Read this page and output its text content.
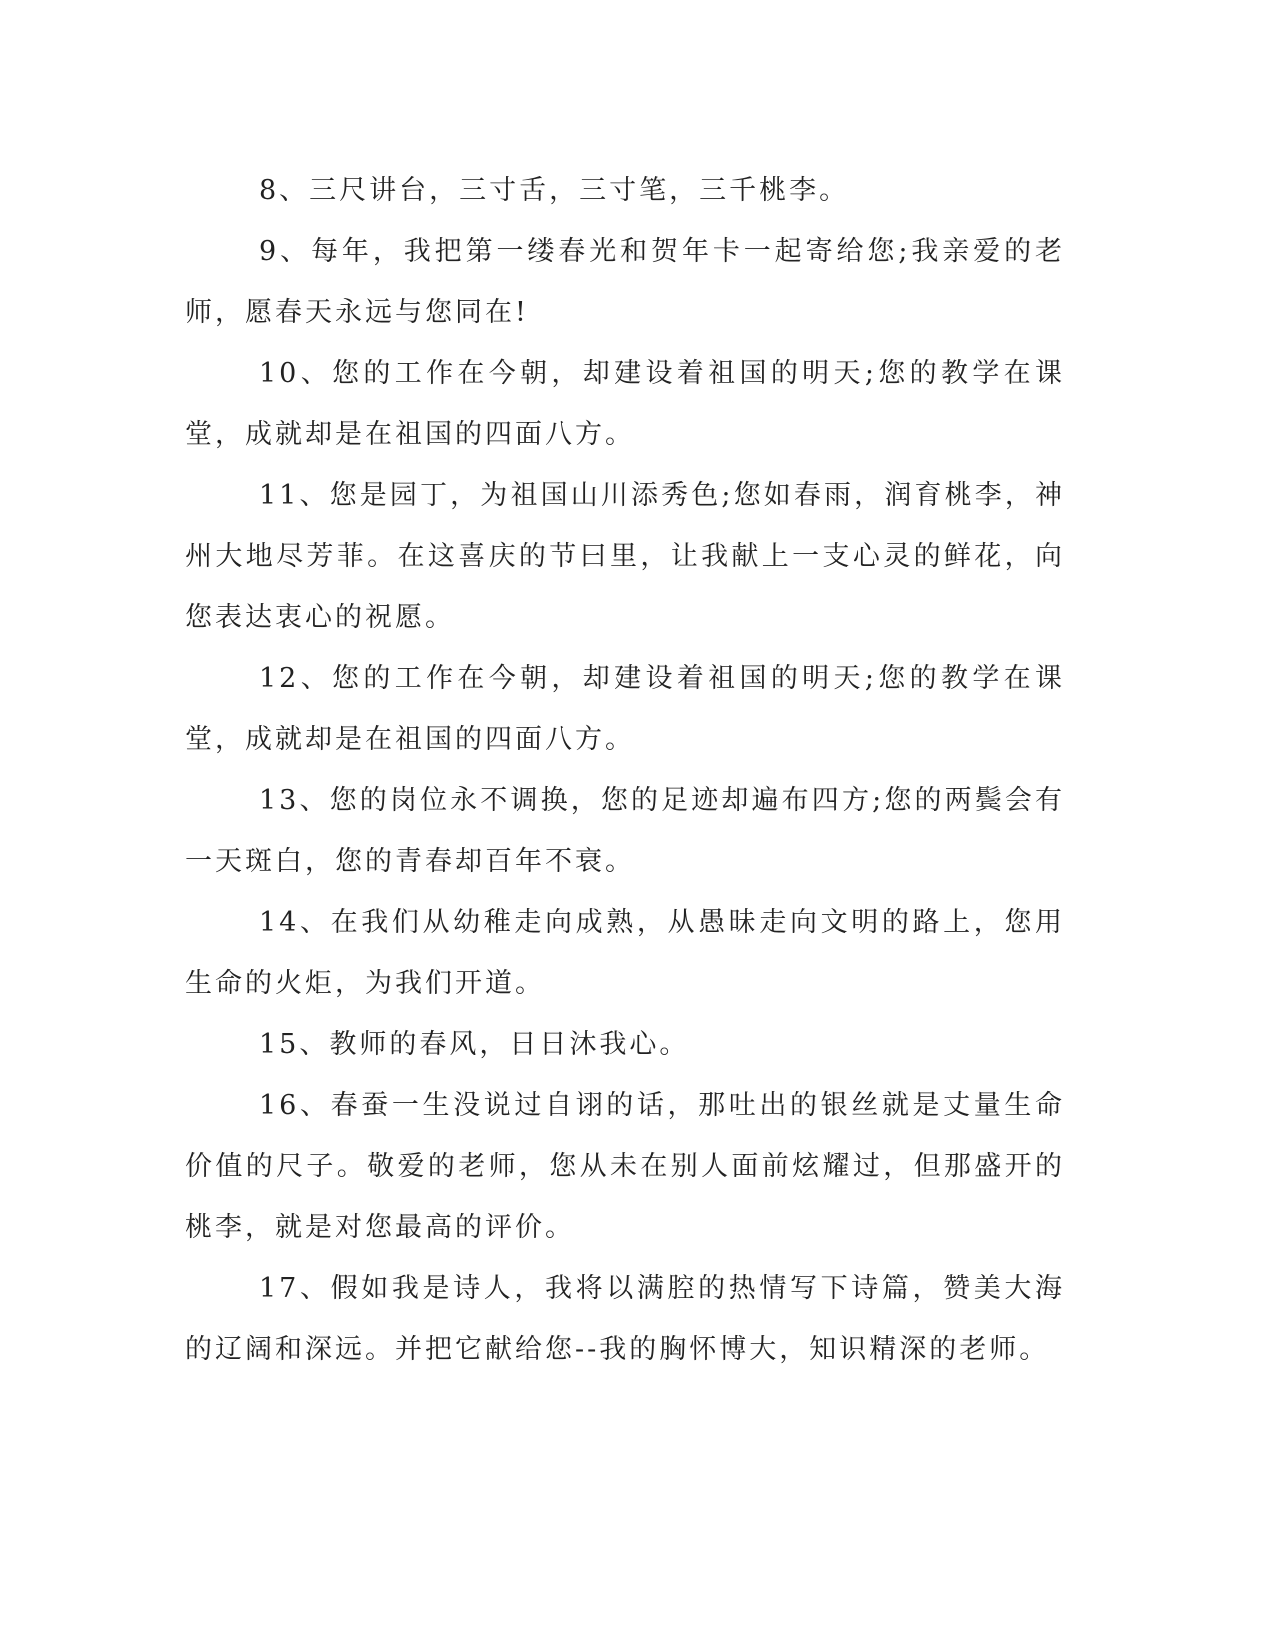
8、三尺讲台，三寸舌，三寸笔，三千桃李。

9、每年，我把第一缕春光和贺年卡一起寄给您;我亲爱的老师，愿春天永远与您同在!

10、您的工作在今朝，却建设着祖国的明天;您的教学在课堂，成就却是在祖国的四面八方。

11、您是园丁，为祖国山川添秀色;您如春雨，润育桃李，神州大地尽芳菲。在这喜庆的节曰里，让我献上一支心灵的鲜花，向您表达衷心的祝愿。

12、您的工作在今朝，却建设着祖国的明天;您的教学在课堂，成就却是在祖国的四面八方。

13、您的岗位永不调换，您的足迹却遍布四方;您的两鬓会有一天斑白，您的青春却百年不衰。

14、在我们从幼稚走向成熟，从愚昧走向文明的路上，您用生命的火炬，为我们开道。

15、教师的春风，日日沐我心。

16、春蚕一生没说过自诩的话，那吐出的银丝就是丈量生命价值的尺子。敬爱的老师，您从未在别人面前炫耀过，但那盛开的桃李，就是对您最高的评价。

17、假如我是诗人，我将以满腔的热情写下诗篇，赞美大海的辽阔和深远。并把它献给您--我的胸怀博大，知识精深的老师。
